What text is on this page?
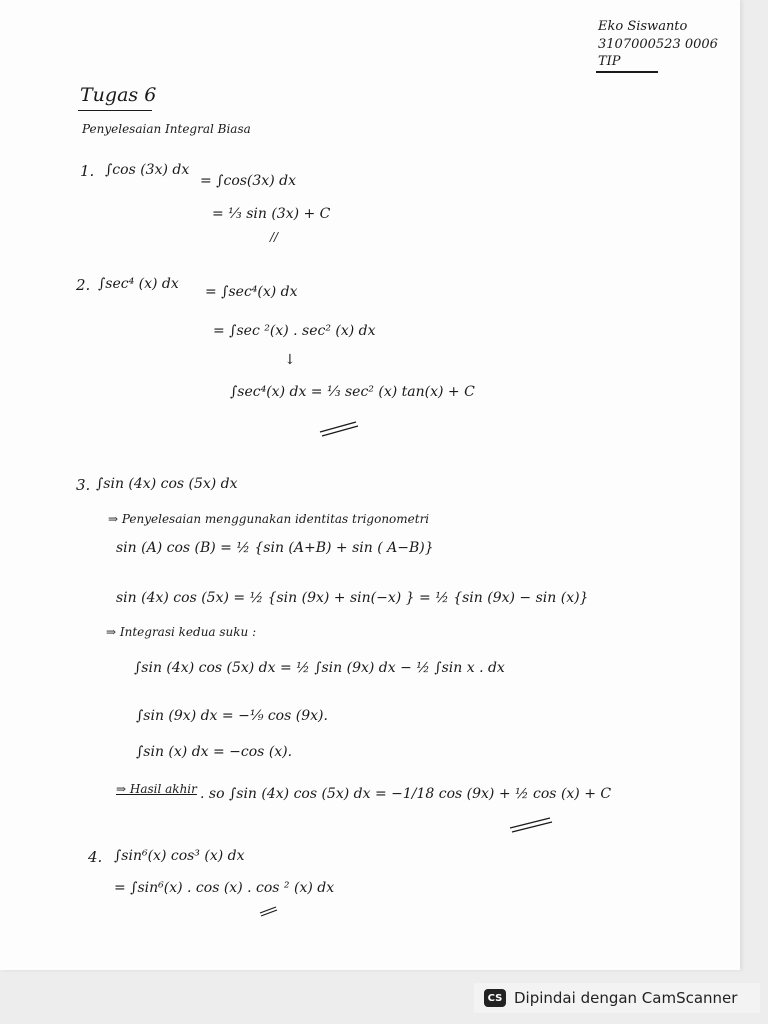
Eko Siswanto
3107000523 0006
TIP
Tugas 6
Penyelesaian Integral Biasa
1. ∫cos (3x) dx
= ∫cos(3x) dx
= ⅓ sin (3x) + C
//
2. ∫sec⁴ (x) dx = ∫sec⁴(x) dx
= ∫sec ²(x) . sec² (x) dx
↓
∫sec⁴(x) dx = ⅓ sec² (x) tan(x) + C
3. ∫sin (4x) cos (5x) dx
⇒ Penyelesaian menggunakan identitas trigonometri
sin (A) cos (B) = ½ {sin (A+B) + sin ( A−B)}
sin (4x) cos (5x) = ½ {sin (9x) + sin(−x) } = ½ {sin (9x) − sin (x)}
⇒ Integrasi kedua suku :
∫sin (4x) cos (5x) dx = ½ ∫sin (9x) dx − ½ ∫sin x . dx
∫sin (9x) dx = −⅑ cos (9x).
∫sin (x) dx = −cos (x).
⇒ Hasil akhir . so ∫sin (4x) cos (5x) dx = −1/18 cos (9x) + ½ cos (x) + C
4. ∫sin⁶(x) cos³ (x) dx
= ∫sin⁶(x) . cos (x) . cos ² (x) dx
CS Dipindai dengan CamScanner
